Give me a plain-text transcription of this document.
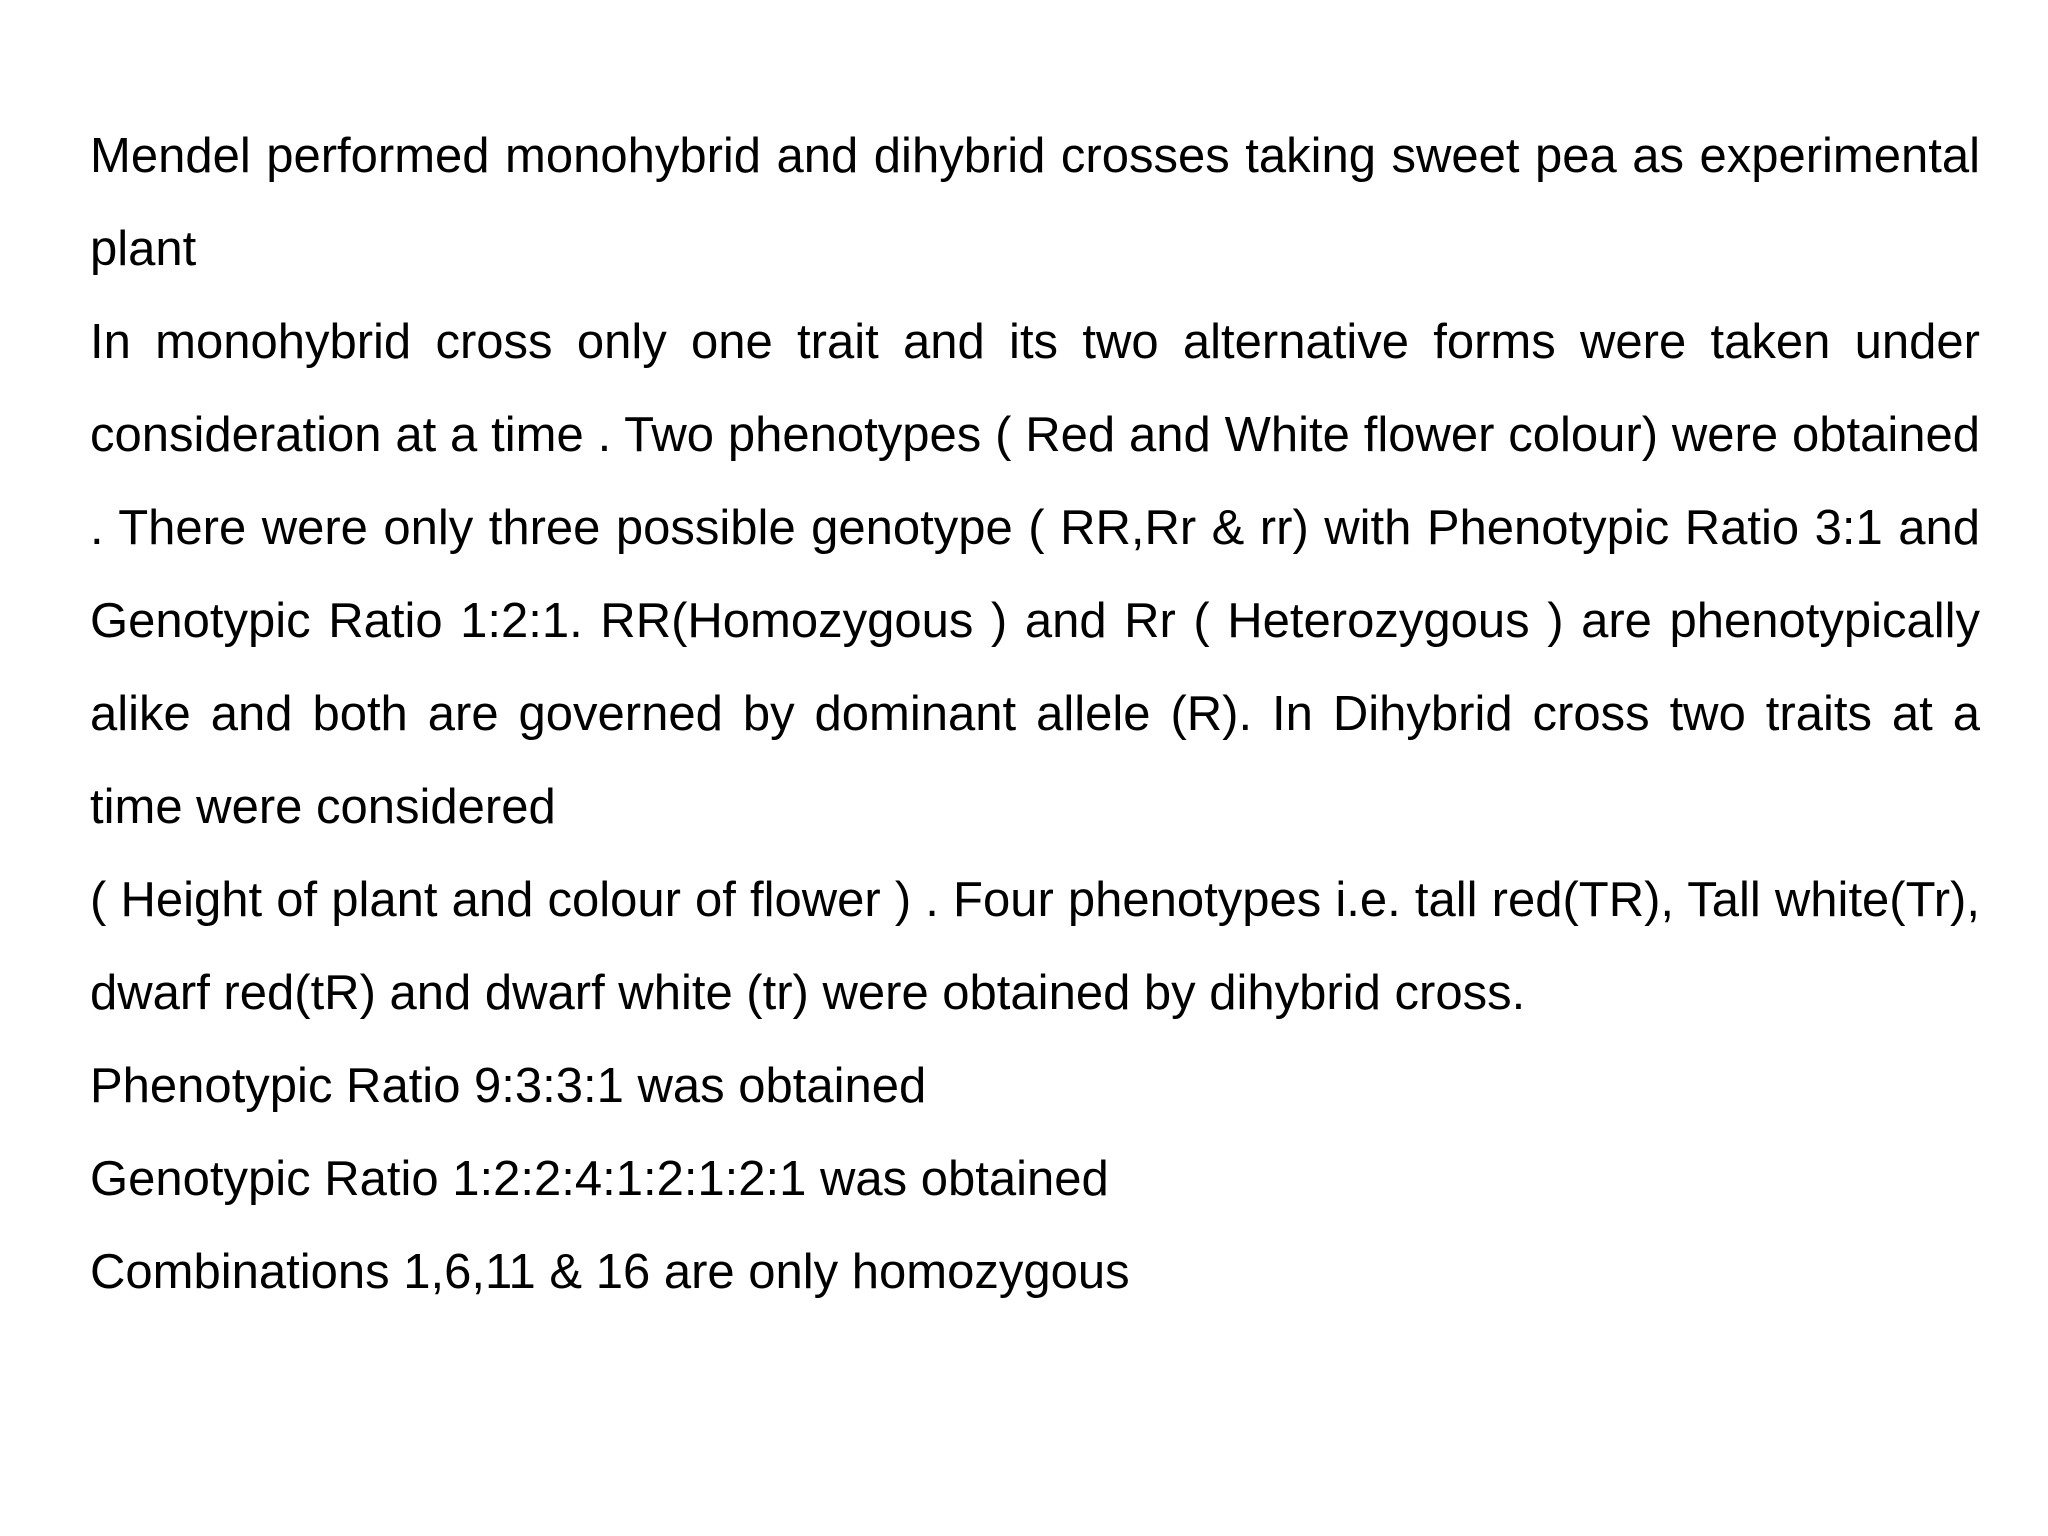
Mendel performed monohybrid and dihybrid crosses taking sweet pea as experimental plant

In monohybrid cross only one trait and its two alternative forms were taken under consideration at a time . Two phenotypes ( Red and White flower colour) were obtained . There were only three possible genotype ( RR,Rr & rr) with Phenotypic Ratio 3:1 and Genotypic Ratio 1:2:1. RR(Homozygous ) and Rr ( Heterozygous ) are phenotypically alike and both are governed by dominant allele (R). In Dihybrid cross two traits at a time were considered

( Height of plant and colour of flower ) . Four phenotypes i.e. tall red(TR), Tall white(Tr), dwarf red(tR) and dwarf white (tr) were obtained by dihybrid cross.

Phenotypic Ratio 9:3:3:1 was obtained

Genotypic Ratio 1:2:2:4:1:2:1:2:1 was obtained

Combinations 1,6,11 & 16 are only homozygous
